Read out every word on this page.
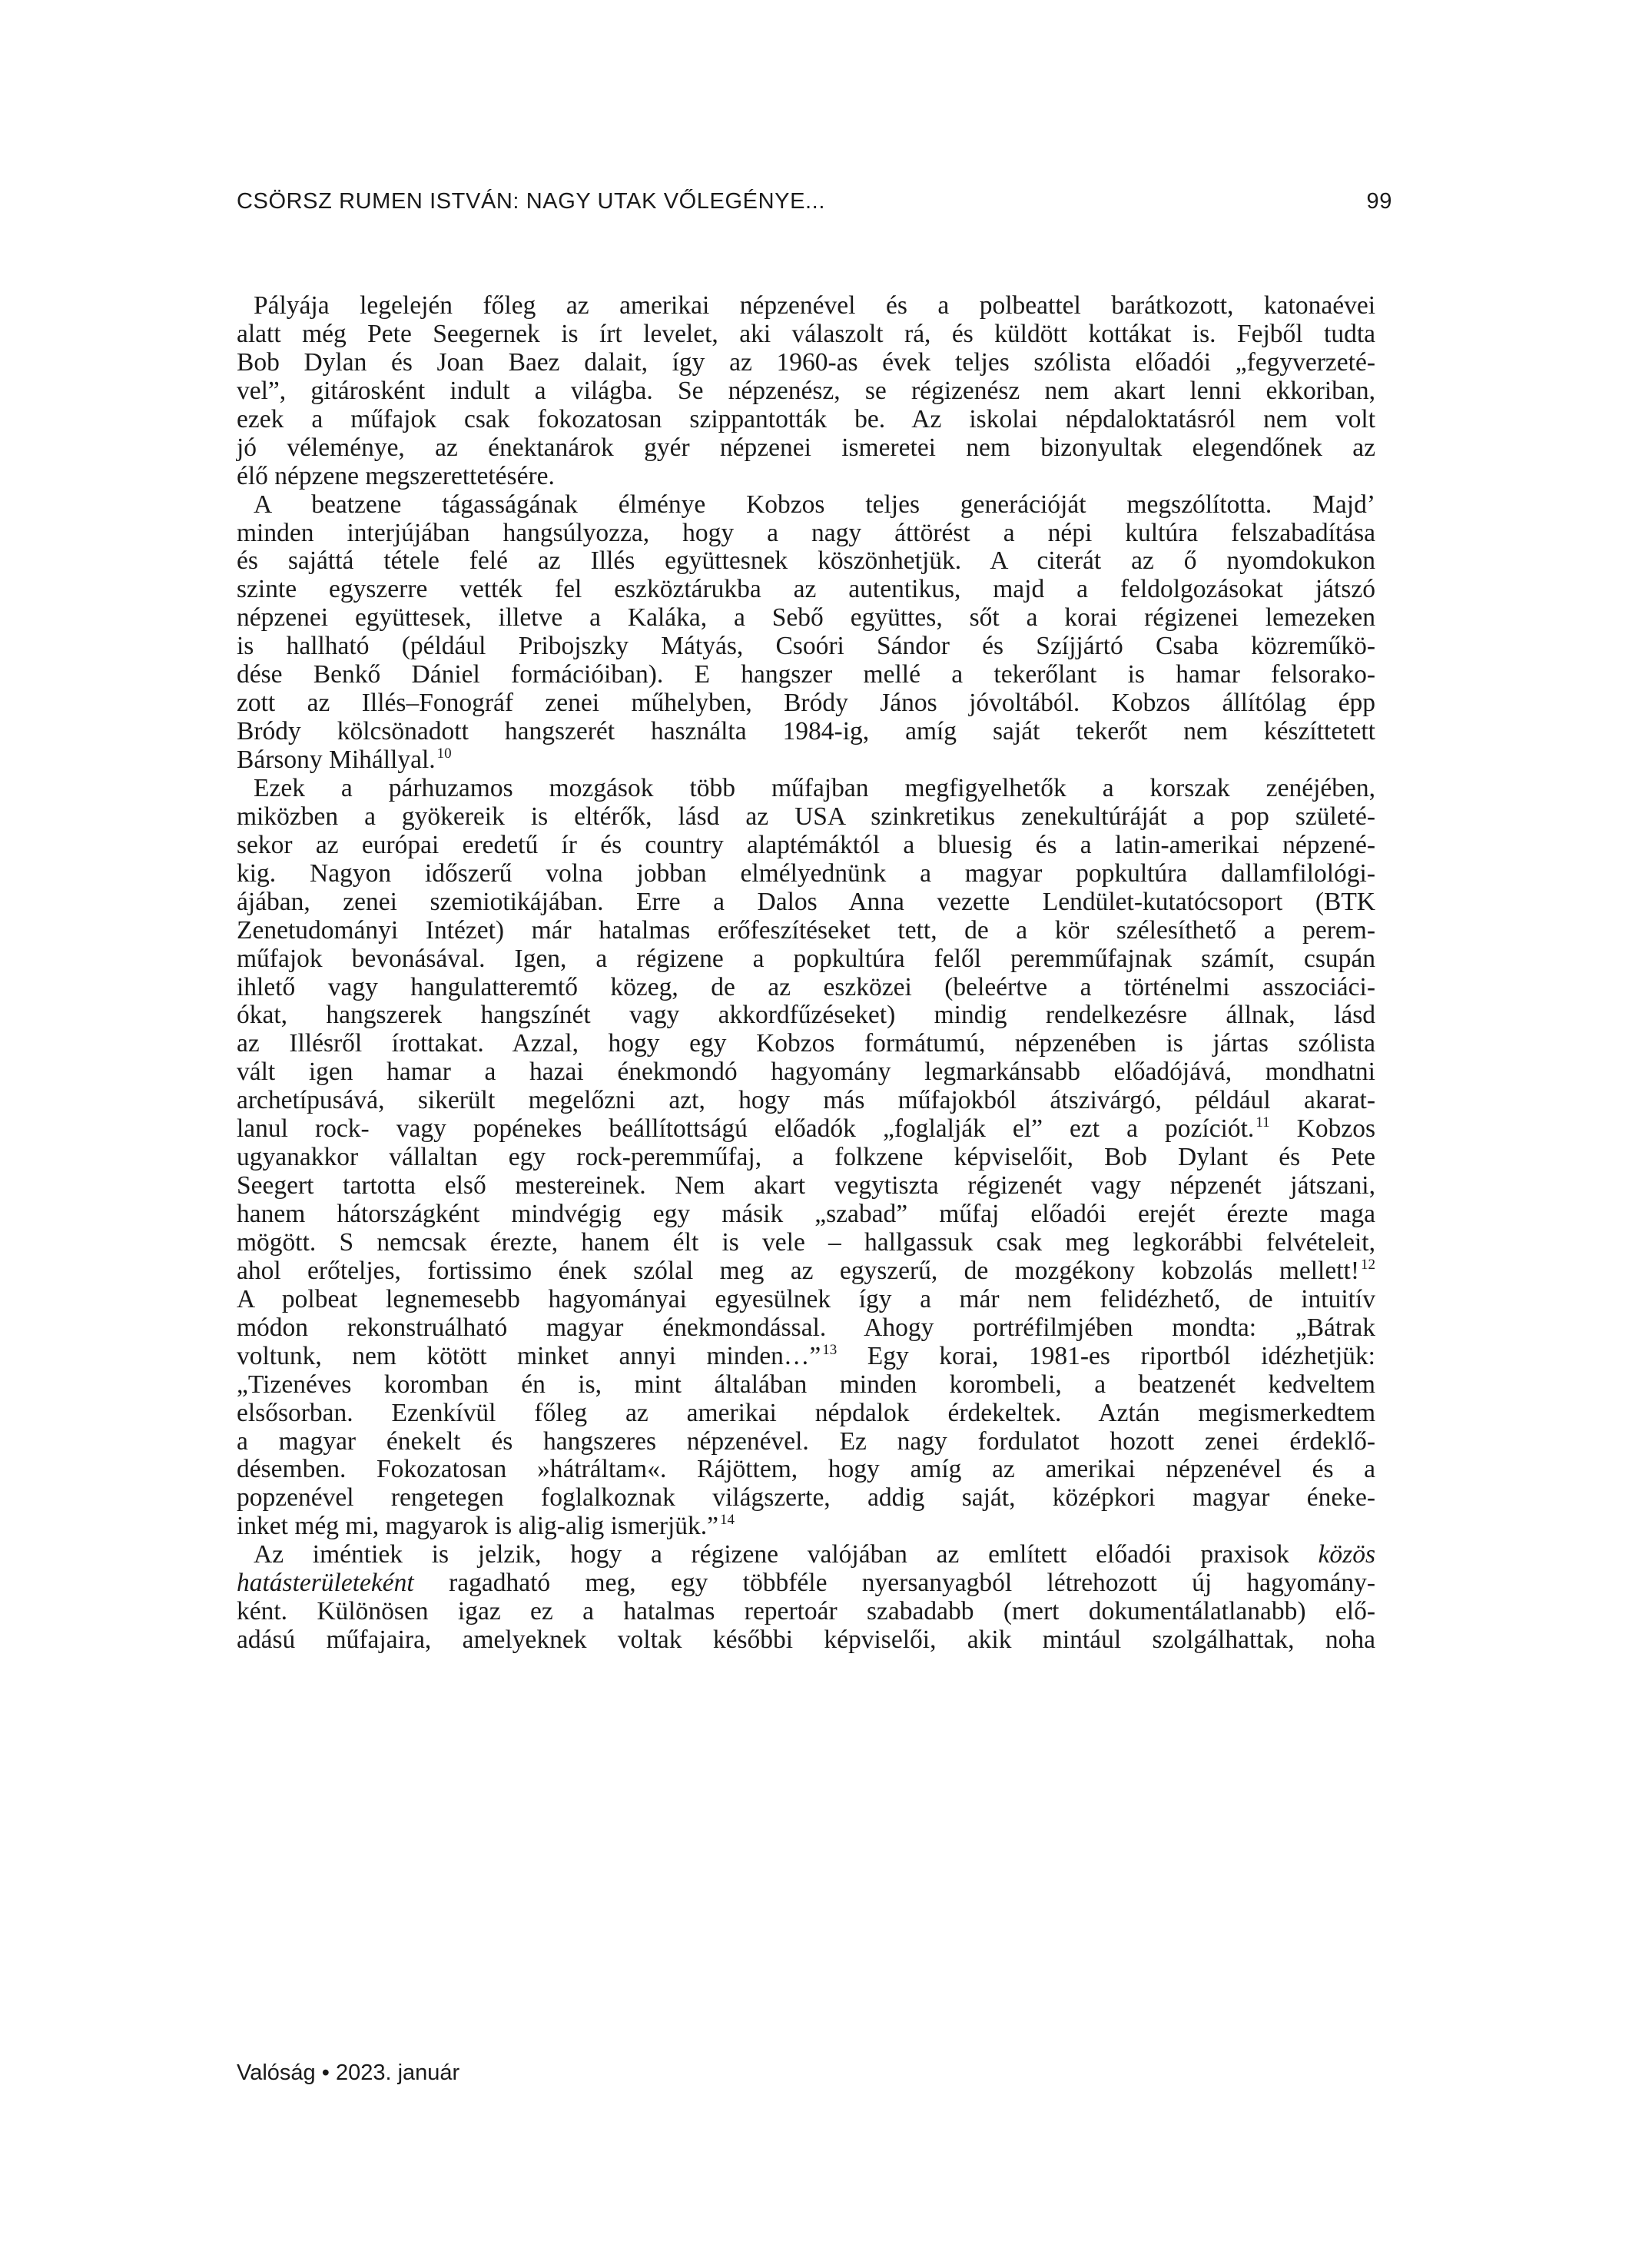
CSÖRSZ RUMEN ISTVÁN: NAGY UTAK VŐLEGÉNYE...	99
Pályája legelején főleg az amerikai népzenével és a polbeattel barátkozott, katonaévei
alatt még Pete Seegernek is írt levelet, aki válaszolt rá, és küldött kottákat is. Fejből tudta
Bob Dylan és Joan Baez dalait, így az 1960-as évek teljes szólista előadói „fegyverzeté-
vel”, gitárosként indult a világba. Se népzenész, se régizenész nem akart lenni ekkoriban,
ezek a műfajok csak fokozatosan szippantották be. Az iskolai népdaloktatásról nem volt
jó véleménye, az énektanárok gyér népzenei ismeretei nem bizonyultak elegendőnek az
élő népzene megszerettetésére.
A beatzene tágasságának élménye Kobzos teljes generációját megszólította. Majd’
minden interjújában hangsúlyozza, hogy a nagy áttörést a népi kultúra felszabadítása
és sajáttá tétele felé az Illés együttesnek köszönhetjük. A citerát az ő nyomdokukon
szinte egyszerre vették fel eszköztárukba az autentikus, majd a feldolgozásokat játszó
népzenei együttesek, illetve a Kaláka, a Sebő együttes, sőt a korai régizenei lemezeken
is hallható (például Pribojszky Mátyás, Csoóri Sándor és Szíjjártó Csaba közreműkö-
dése Benkő Dániel formációiban). E hangszer mellé a tekerőlant is hamar felsorako-
zott az Illés–Fonográf zenei műhelyben, Bródy János jóvoltából. Kobzos állítólag épp
Bródy kölcsönadott hangszerét használta 1984-ig, amíg saját tekerőt nem készíttetett
Bársony Mihállyal. $^{10}$
Ezek a párhuzamos mozgások több műfajban megfigyelhetők a korszak zenéjében,
miközben a gyökereik is eltérők, lásd az USA szinkretikus zenekultúráját a pop születé-
sekor az európai eredetű ír és country alaptémáktól a bluesig és a latin-amerikai népzené-
kig. Nagyon időszerű volna jobban elmélyednünk a magyar popkultúra dallamfilológi-
ájában, zenei szemiotikájában. Erre a Dalos Anna vezette Lendület-kutatócsoport (BTK
Zenetudományi Intézet) már hatalmas erőfeszítéseket tett, de a kör szélesíthető a perem-
műfajok bevonásával. Igen, a régizene a popkultúra felől peremműfajnak számít, csupán
ihlető vagy hangulatteremtő közeg, de az eszközei (beleértve a történelmi asszociáci-
ókat, hangszerek hangszínét vagy akkordfűzéseket) mindig rendelkezésre állnak, lásd
az Illésről írottakat. Azzal, hogy egy Kobzos formátumú, népzenében is jártas szólista
vált igen hamar a hazai énekmondó hagyomány legmarkánsabb előadójává, mondhatni
archetípusává, sikerült megelőzni azt, hogy más műfajokból átszivárgó, például akarat-
lanul rock- vagy popénekes beállítottságú előadók „foglalják el” ezt a pozíciót. $^{11}$ Kobzos
ugyanakkor vállaltan egy rock-peremműfaj, a folkzene képviselőit, Bob Dylant és Pete
Seegert tartotta első mestereinek. Nem akart vegytiszta régizenét vagy népzenét játszani,
hanem hátországként mindvégig egy másik „szabad” műfaj előadói erejét érezte maga
mögött. S nemcsak érezte, hanem élt is vele – hallgassuk csak meg legkorábbi felvételeit,
ahol erőteljes, fortissimo ének szólal meg az egyszerű, de mozgékony kobzolás mellett! $^{12}$
A polbeat legnemesebb hagyományai egyesülnek így a már nem felidézhető, de intuitív
módon rekonstruálható magyar énekmondással. Ahogy portréfilmjében mondta: „Bátrak
voltunk, nem kötött minket annyi minden…” $^{13}$ Egy korai, 1981-es riportból idézhetjük:
„Tizenéves koromban én is, mint általában minden korombeli, a beatzenét kedveltem
elsősorban. Ezenkívül főleg az amerikai népdalok érdekeltek. Aztán megismerkedtem
a magyar énekelt és hangszeres népzenével. Ez nagy fordulatot hozott zenei érdeklő-
désemben. Fokozatosan »hátráltam«. Rájöttem, hogy amíg az amerikai népzenével és a
popzenével rengetegen foglalkoznak világszerte, addig saját, középkori magyar éneke-
inket még mi, magyarok is alig-alig ismerjük.” $^{14}$
Az iméntiek is jelzik, hogy a régizene valójában az említett előadói praxisok közös
hatásterületeként ragadható meg, egy többféle nyersanyagból létrehozott új hagyomány-
ként. Különösen igaz ez a hatalmas repertoár szabadabb (mert dokumentálatlanabb) elő-
adású műfajaira, amelyeknek voltak későbbi képviselői, akik mintául szolgálhattak, noha
Valóság • 2023. január
